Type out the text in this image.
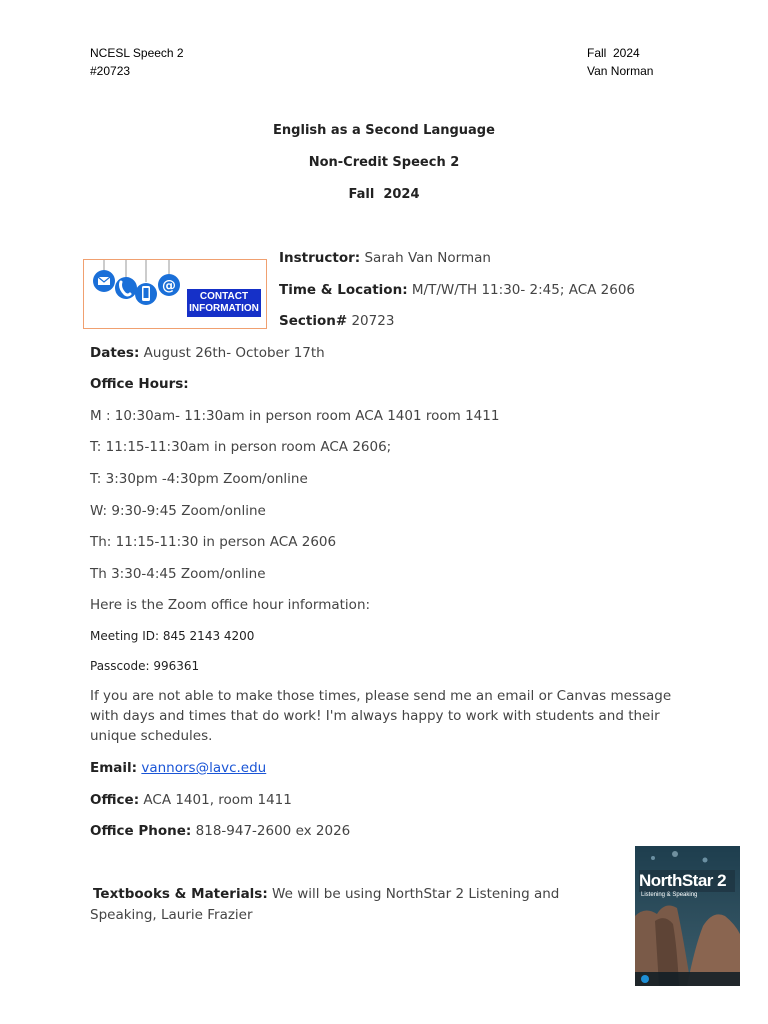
NCESL Speech 2
#20723
Fall  2024
Van Norman
English as a Second Language
Non-Credit Speech 2
Fall  2024
@
CONTACT
INFORMATION
Instructor: Sarah Van Norman
Time & Location: M/T/W/TH 11:30- 2:45; ACA 2606
Section# 20723
Dates: August 26th- October 17th
Office Hours:
M : 10:30am- 11:30am in person room ACA 1401 room 1411
T: 11:15-11:30am in person room ACA 2606;
T: 3:30pm -4:30pm Zoom/online
W: 9:30-9:45 Zoom/online
Th: 11:15-11:30 in person ACA 2606
Th 3:30-4:45 Zoom/online
Here is the Zoom office hour information:
Meeting ID: 845 2143 4200
Passcode: 996361
If you are not able to make those times, please send me an email or Canvas message
with days and times that do work! I'm always happy to work with students and their
unique schedules.
Email: vannors@lavc.edu
Office: ACA 1401, room 1411
Office Phone: 818-947-2600 ex 2026
Textbooks & Materials: We will be using NorthStar 2 Listening and
Speaking, Laurie Frazier
NorthStar 2
Listening & Speaking
